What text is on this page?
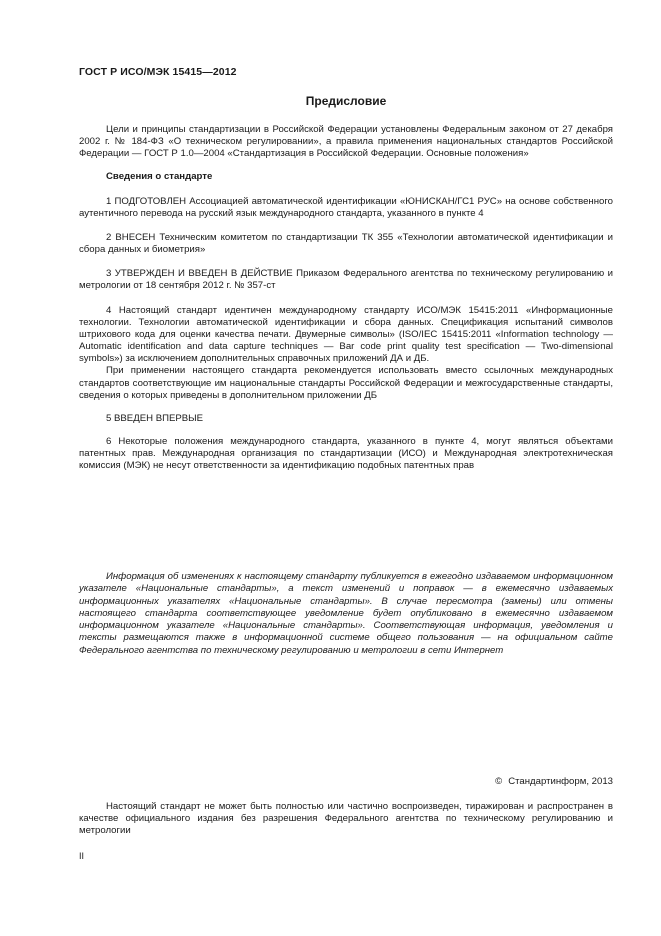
ГОСТ Р ИСО/МЭК 15415—2012
Предисловие

Цели и принципы стандартизации в Российской Федерации установлены Федеральным законом от 27 декабря 2002 г. № 184-ФЗ «О техническом регулировании», а правила применения национальных стандартов Российской Федерации — ГОСТ Р 1.0—2004 «Стандартизация в Российской Федерации. Основные положения»

Сведения о стандарте

1 ПОДГОТОВЛЕН Ассоциацией автоматической идентификации «ЮНИСКАН/ГС1 РУС» на основе собственного аутентичного перевода на русский язык международного стандарта, указанного в пункте 4

2 ВНЕСЕН Техническим комитетом по стандартизации ТК 355 «Технологии автоматической идентификации и сбора данных и биометрия»

3 УТВЕРЖДЕН И ВВЕДЕН В ДЕЙСТВИЕ Приказом Федерального агентства по техническому регулированию и метрологии от 18 сентября 2012 г. № 357-ст

4 Настоящий стандарт идентичен международному стандарту ИСО/МЭК 15415:2011 «Информационные технологии. Технологии автоматической идентификации и сбора данных. Спецификация испытаний символов штрихового кода для оценки качества печати. Двумерные символы» (ISO/IEC 15415:2011 «Information technology — Automatic identification and data capture techniques — Bar code print quality test specification — Two-dimensional symbols») за исключением дополнительных справочных приложений ДА и ДБ.

При применении настоящего стандарта рекомендуется использовать вместо ссылочных международных стандартов соответствующие им национальные стандарты Российской Федерации и межгосударственные стандарты, сведения о которых приведены в дополнительном приложении ДБ

5 ВВЕДЕН ВПЕРВЫЕ

6 Некоторые положения международного стандарта, указанного в пункте 4, могут являться объектами патентных прав. Международная организация по стандартизации (ИСО) и Международная электротехническая комиссия (МЭК) не несут ответственности за идентификацию подобных патентных прав

Информация об изменениях к настоящему стандарту публикуется в ежегодно издаваемом информационном указателе «Национальные стандарты», а текст изменений и поправок — в ежемесячно издаваемых информационных указателях «Национальные стандарты». В случае пересмотра (замены) или отмены настоящего стандарта соответствующее уведомление будет опубликовано в ежемесячно издаваемом информационном указателе «Национальные стандарты». Соответствующая информация, уведомления и тексты размещаются также в информационной системе общего пользования — на официальном сайте Федерального агентства по техническому регулированию и метрологии в сети Интернет

© Стандартинформ, 2013

Настоящий стандарт не может быть полностью или частично воспроизведен, тиражирован и распространен в качестве официального издания без разрешения Федерального агентства по техническому регулированию и метрологии

II
